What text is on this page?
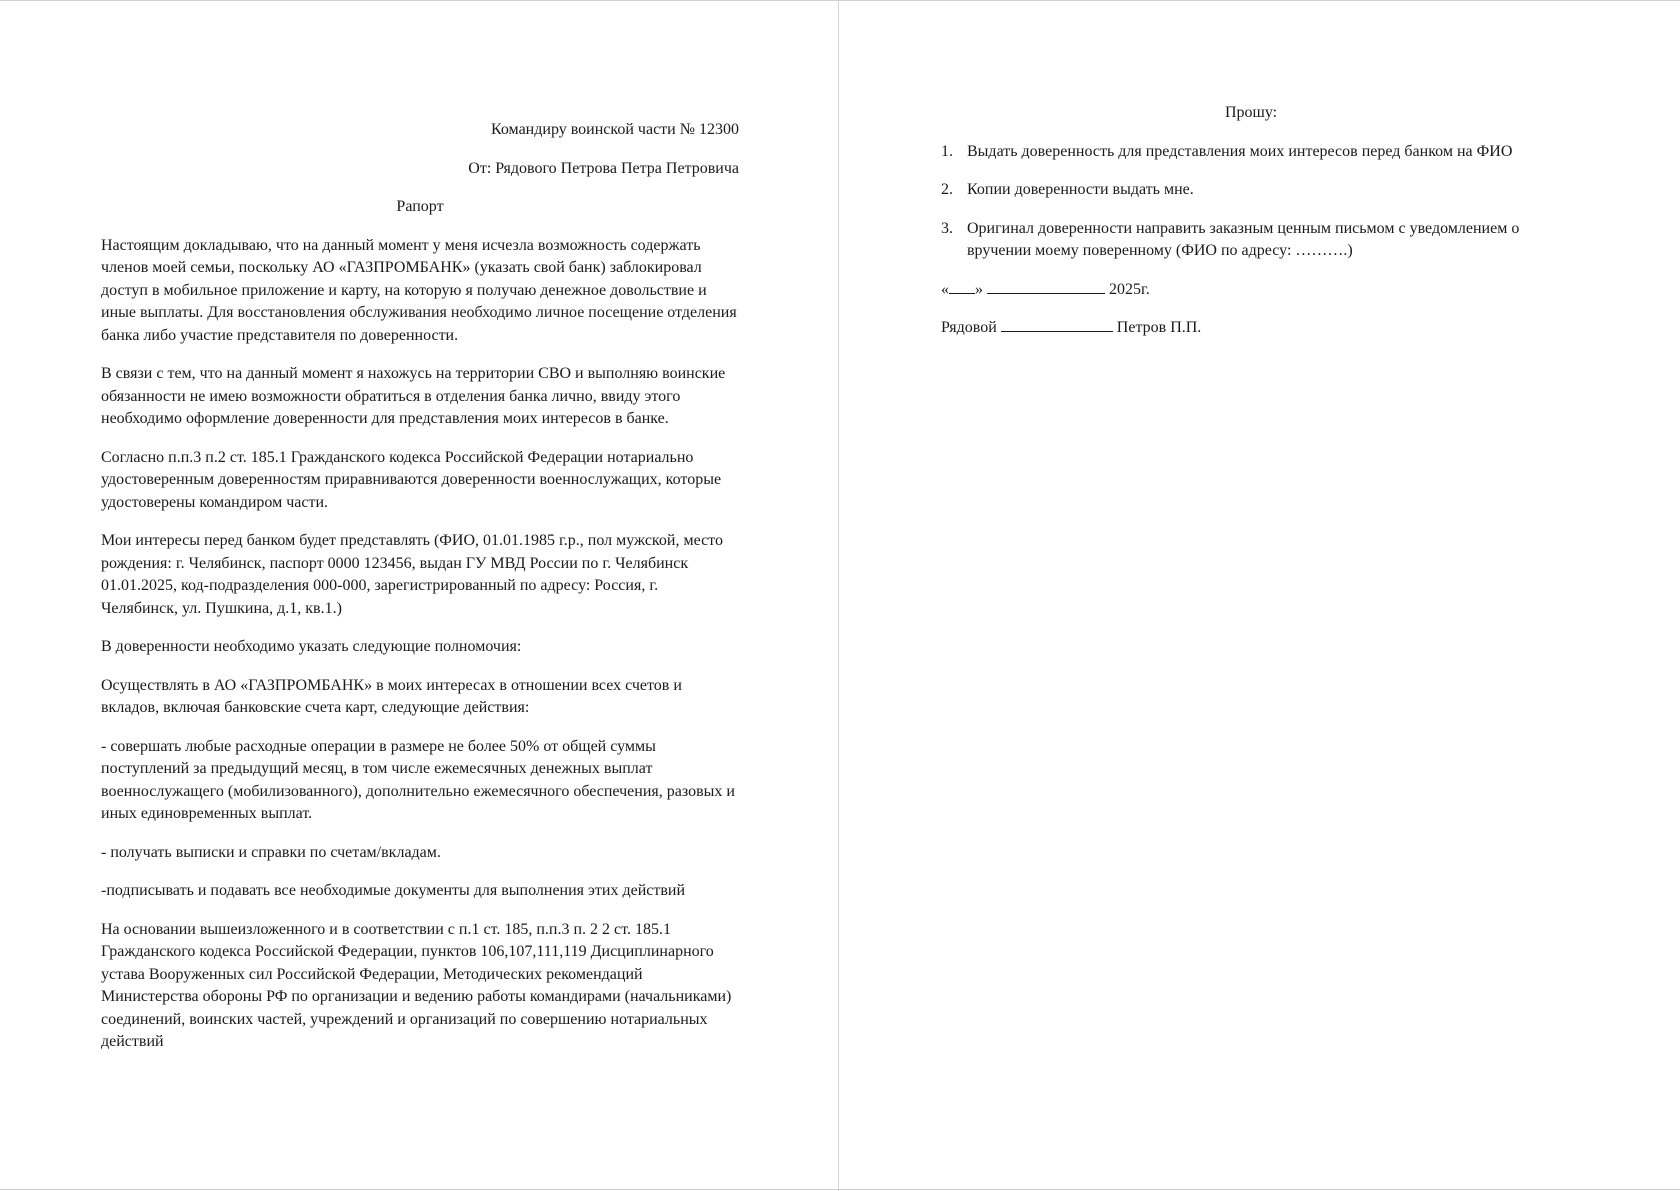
Командиру воинской части № 12300

От: Рядового Петрова Петра Петровича

Рапорт

Настоящим докладываю, что на данный момент у меня исчезла возможность содержать членов моей семьи, поскольку АО «ГАЗПРОМБАНК» (указать свой банк) заблокировал доступ в мобильное приложение и карту, на которую я получаю денежное довольствие и иные выплаты. Для восстановления обслуживания необходимо личное посещение отделения банка либо участие представителя по доверенности.

В связи с тем, что на данный момент я нахожусь на территории СВО и выполняю воинские обязанности не имею возможности обратиться в отделения банка лично, ввиду этого необходимо оформление доверенности для представления моих интересов в банке.

Согласно п.п.3 п.2 ст. 185.1 Гражданского кодекса Российской Федерации нотариально удостоверенным доверенностям приравниваются доверенности военнослужащих, которые удостоверены командиром части.

Мои интересы перед банком будет представлять (ФИО, 01.01.1985 г.р., пол мужской, место рождения: г. Челябинск, паспорт 0000 123456, выдан ГУ МВД России по г. Челябинск 01.01.2025, код-подразделения 000-000, зарегистрированный по адресу: Россия, г. Челябинск, ул. Пушкина, д.1, кв.1.)

В доверенности необходимо указать следующие полномочия:

Осуществлять в АО «ГАЗПРОМБАНК» в моих интересах в отношении всех счетов и вкладов, включая банковские счета карт, следующие действия:

- совершать любые расходные операции в размере не более 50% от общей суммы поступлений за предыдущий месяц, в том числе ежемесячных денежных выплат военнослужащего (мобилизованного), дополнительно ежемесячного обеспечения, разовых и иных единовременных выплат.

- получать выписки и справки по счетам/вкладам.

-подписывать и подавать все необходимые документы для выполнения этих действий

На основании вышеизложенного и в соответствии с п.1 ст. 185, п.п.3 п. 2 2 ст. 185.1 Гражданского кодекса Российской Федерации, пунктов 106,107,111,119 Дисциплинарного устава Вооруженных сил Российской Федерации, Методических рекомендаций Министерства обороны РФ по организации и ведению работы командирами (начальниками) соединений, воинских частей, учреждений и организаций по совершению нотариальных действий

Прошу:

1. Выдать доверенность для представления моих интересов перед банком на ФИО
2. Копии доверенности выдать мне.
3. Оригинал доверенности направить заказным ценным письмом с уведомлением о вручении моему поверенному (ФИО по адресу: ……….)

« »	2025г.

Рядовой	Петров П.П.
